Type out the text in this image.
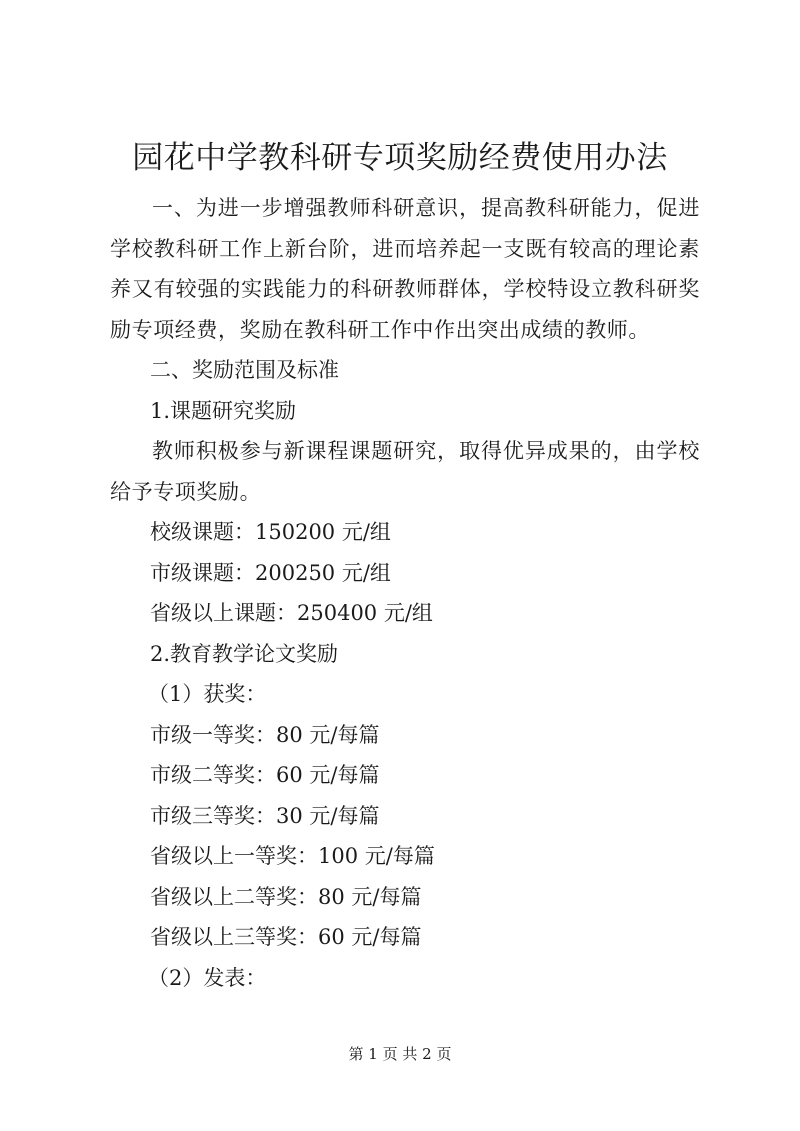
园花中学教科研专项奖励经费使用办法

一、为进一步增强教师科研意识，提高教科研能力，促进学校教科研工作上新台阶，进而培养起一支既有较高的理论素养又有较强的实践能力的科研教师群体，学校特设立教科研奖励专项经费，奖励在教科研工作中作出突出成绩的教师。

二、奖励范围及标准

1.课题研究奖励

教师积极参与新课程课题研究，取得优异成果的，由学校给予专项奖励。

校级课题：150200 元/组

市级课题：200250 元/组

省级以上课题：250400 元/组

2.教育教学论文奖励

（1）获奖：

市级一等奖：80 元/每篇

市级二等奖：60 元/每篇

市级三等奖：30 元/每篇

省级以上一等奖：100 元/每篇

省级以上二等奖：80 元/每篇

省级以上三等奖：60 元/每篇

（2）发表：

第 1 页 共 2 页
